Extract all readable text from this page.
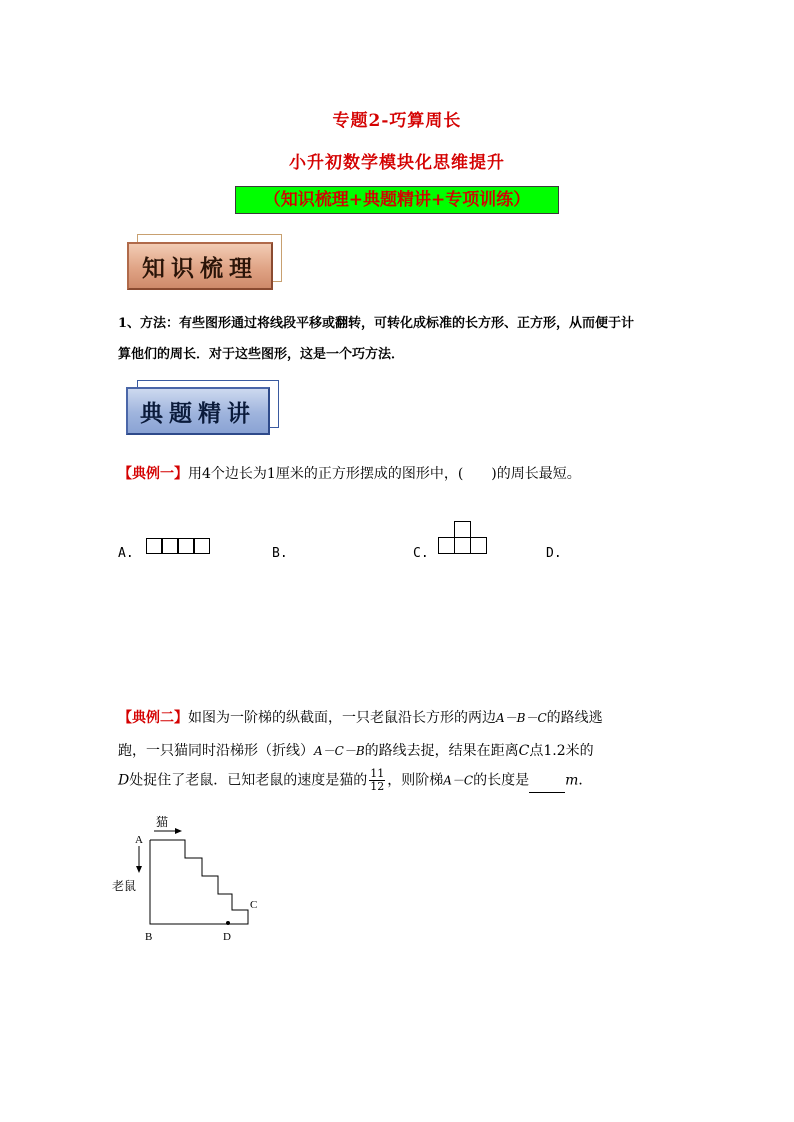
专题2-巧算周长
小升初数学模块化思维提升
（知识梳理+典题精讲+专项训练）
知识梳理
1、方法：有些图形通过将线段平移或翻转，可转化成标准的长方形、正方形，从而便于计
算他们的周长．对于这些图形，这是一个巧方法．
典题精讲
【典例一】用4个边长为1厘米的正方形摆成的图形中，(　　)的周长最短。
A.	B.	C.	D.
【典例二】如图为一阶梯的纵截面，一只老鼠沿长方形的两边A－B－C的路线逃
跑，一只猫同时沿梯形（折线）A－C－B的路线去捉，结果在距离C点1.2米的
D处捉住了老鼠．已知老鼠的速度是猫的 $\frac{11}{12}$ ，则阶梯A－C的长度是	m．
猫
A
老鼠
C
B	D
